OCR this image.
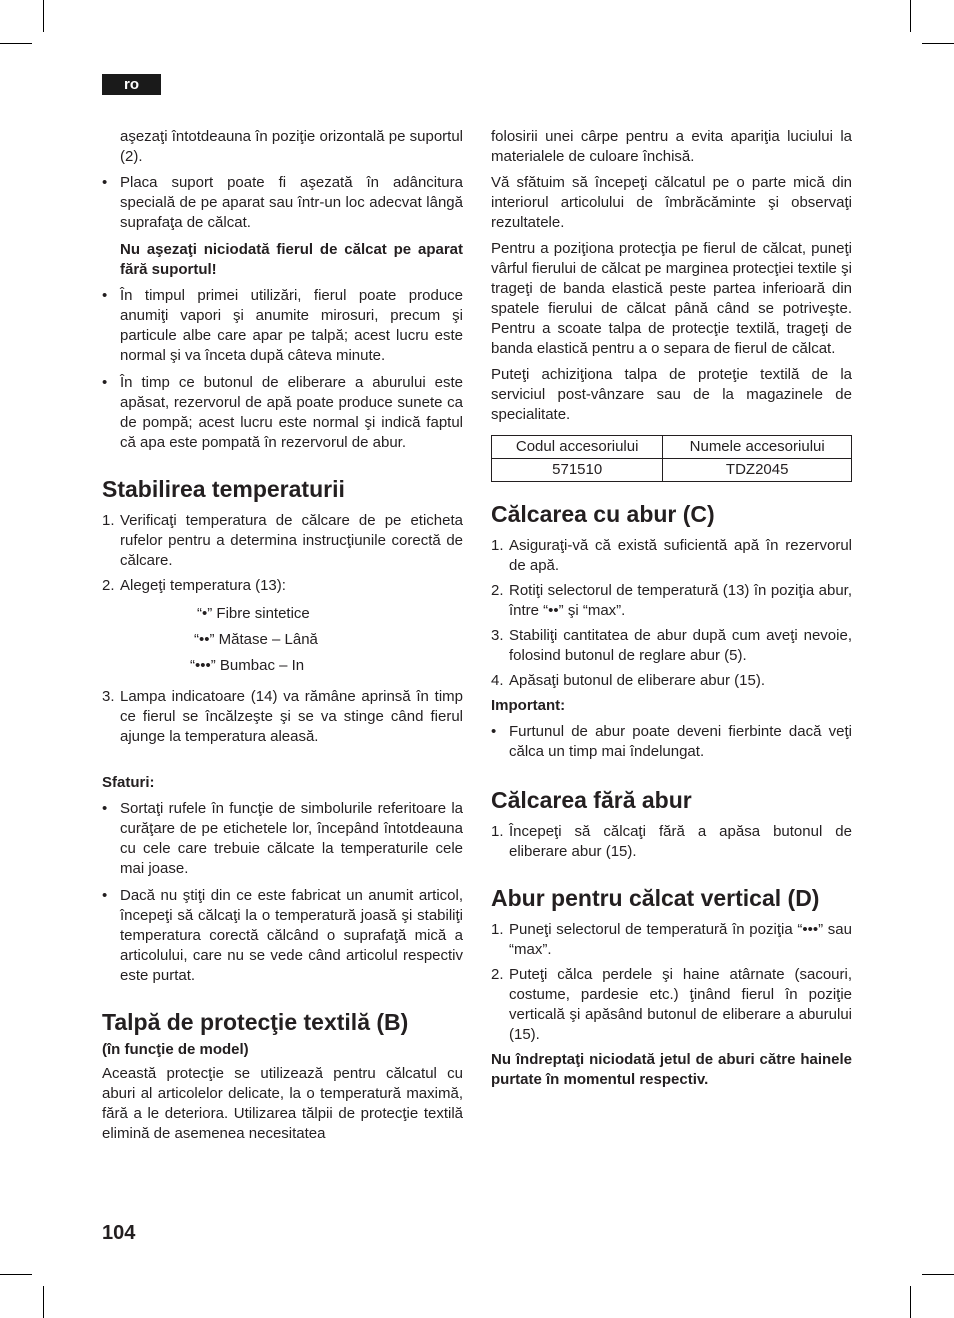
ro

aşezaţi întotdeauna în poziţie orizontală pe suportul (2).

• Placa suport poate fi aşezată în adâncitura specială de pe aparat sau într-un loc adecvat lângă suprafaţa de călcat.

Nu aşezaţi niciodată fierul de călcat pe aparat fără suportul!

• În timpul primei utilizări, fierul poate produce anumiţi vapori şi anumite mirosuri, precum şi particule albe care apar pe talpă; acest lucru este normal şi va înceta după câteva minute.
• În timp ce butonul de eliberare a aburului este apăsat, rezervorul de apă poate produce sunete ca de pompă; acest lucru este normal şi indică faptul că apa este pompată în rezervorul de abur.
Stabilirea temperaturii
1. Verificaţi temperatura de călcare de pe eticheta rufelor pentru a determina instrucţiunile corectă de călcare.
2. Alegeţi temperatura (13):
“•” Fibre sintetice
“••” Mătase – Lână
“•••” Bumbac – In
3. Lampa indicatoare (14) va rămâne aprinsă în timp ce fierul se încălzeşte şi se va stinge când fierul ajunge la temperatura aleasă.

Sfaturi:

• Sortaţi rufele în funcţie de simbolurile referitoare la curăţare de pe etichetele lor, începând întotdeauna cu cele care trebuie călcate la temperaturile cele mai joase.
• Dacă nu ştiţi din ce este fabricat un anumit articol, începeţi să călcaţi la o temperatură joasă şi stabiliţi temperatura corectă călcând o suprafaţă mică a articolului, care nu se vede când articolul respectiv este purtat.
Talpă de protecţie textilă (B)

(în funcţie de model)

Această protecţie se utilizează pentru călcatul cu aburi al articolelor delicate, la o temperatură maximă, fără a le deteriora. Utilizarea tălpii de protecţie textilă elimină de asemenea necesitatea

folosirii unei cârpe pentru a evita apariţia luciului la materialele de culoare închisă.

Vă sfătuim să începeţi călcatul pe o parte mică din interiorul articolului de îmbrăcăminte şi observaţi rezultatele.

Pentru a poziţiona protecţia pe fierul de călcat, puneţi vârful fierului de călcat pe marginea protecţiei textile şi trageţi de banda elastică peste partea inferioară din spatele fierului de călcat până când se potriveşte. Pentru a scoate talpa de protecţie textilă, trageţi de banda elastică pentru a o separa de fierul de călcat.

Puteţi achiziţiona talpa de proteţie textilă de la serviciul post-vânzare sau de la magazinele de specialitate.

Codul accesoriului	Numele accesoriului
571510	TDZ2045
Călcarea cu abur (C)
1. Asiguraţi-vă că există suficientă apă în rezervorul de apă.
2. Rotiţi selectorul de temperatură (13) în poziţia abur, între “••” şi “max”.
3. Stabiliţi cantitatea de abur după cum aveţi nevoie, folosind butonul de reglare abur (5).
4. Apăsaţi butonul de eliberare abur (15).

Important:

• Furtunul de abur poate deveni fierbinte dacă veţi călca un timp mai îndelungat.
Călcarea fără abur
1. Începeţi să călcaţi fără a apăsa butonul de eliberare abur (15).
Abur pentru călcat vertical (D)
1. Puneţi selectorul de temperatură în poziţia “•••” sau “max”.
2. Puteţi călca perdele şi haine atârnate (sacouri, costume, pardesie etc.) ţinând fierul în poziţie verticală şi apăsând butonul de eliberare a aburului (15).

Nu îndreptaţi niciodată jetul de aburi către hainele purtate în momentul respectiv.

104
